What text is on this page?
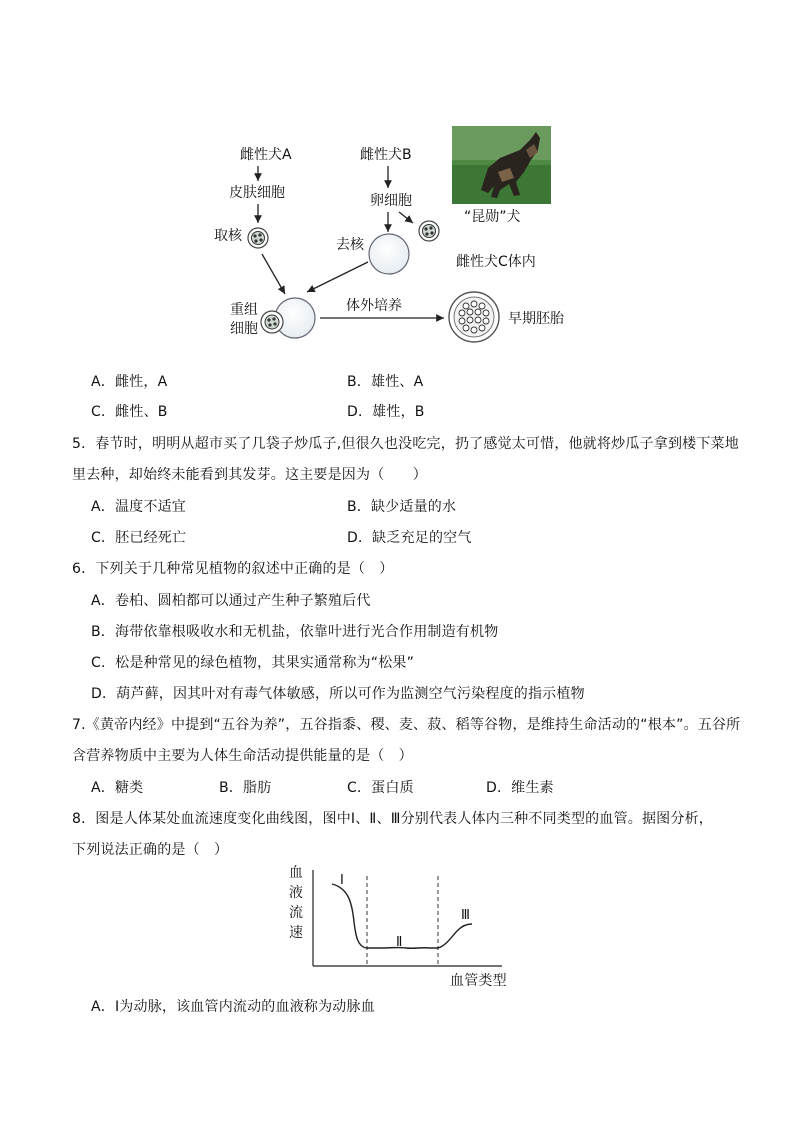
雌性犬A
皮肤细胞
取核
雌性犬B
卵细胞
去核
重组
细胞
体外培养
早期胚胎
雌性犬C体内
“昆勋”犬
A．雌性，A	B．雄性、A
C．雌性、B	D．雄性，B
5．春节时，明明从超市买了几袋子炒瓜子,但很久也没吃完，扔了感觉太可惜，他就将炒瓜子拿到楼下菜地
里去种，却始终未能看到其发芽。这主要是因为（　　）
A．温度不适宜	B．缺少适量的水
C．胚已经死亡	D．缺乏充足的空气
6．下列关于几种常见植物的叙述中正确的是（　）
A．卷柏、圆柏都可以通过产生种子繁殖后代
B．海带依靠根吸收水和无机盐，依靠叶进行光合作用制造有机物
C．松是种常见的绿色植物，其果实通常称为“松果”
D．葫芦藓，因其叶对有毒气体敏感，所以可作为监测空气污染程度的指示植物
7.《黄帝内经》中提到“五谷为养”，五谷指黍、稷、麦、菽、稻等谷物，是维持生命活动的“根本”。五谷所
含营养物质中主要为人体生命活动提供能量的是（　）
A．糖类	B．脂肪	C．蛋白质	D．维生素
8．图是人体某处血流速度变化曲线图，图中Ⅰ、Ⅱ、Ⅲ分别代表人体内三种不同类型的血管。据图分析，
下列说法正确的是（　）
Ⅰ
Ⅱ
Ⅲ
血
液
流
速
血管类型
A．Ⅰ为动脉，该血管内流动的血液称为动脉血
